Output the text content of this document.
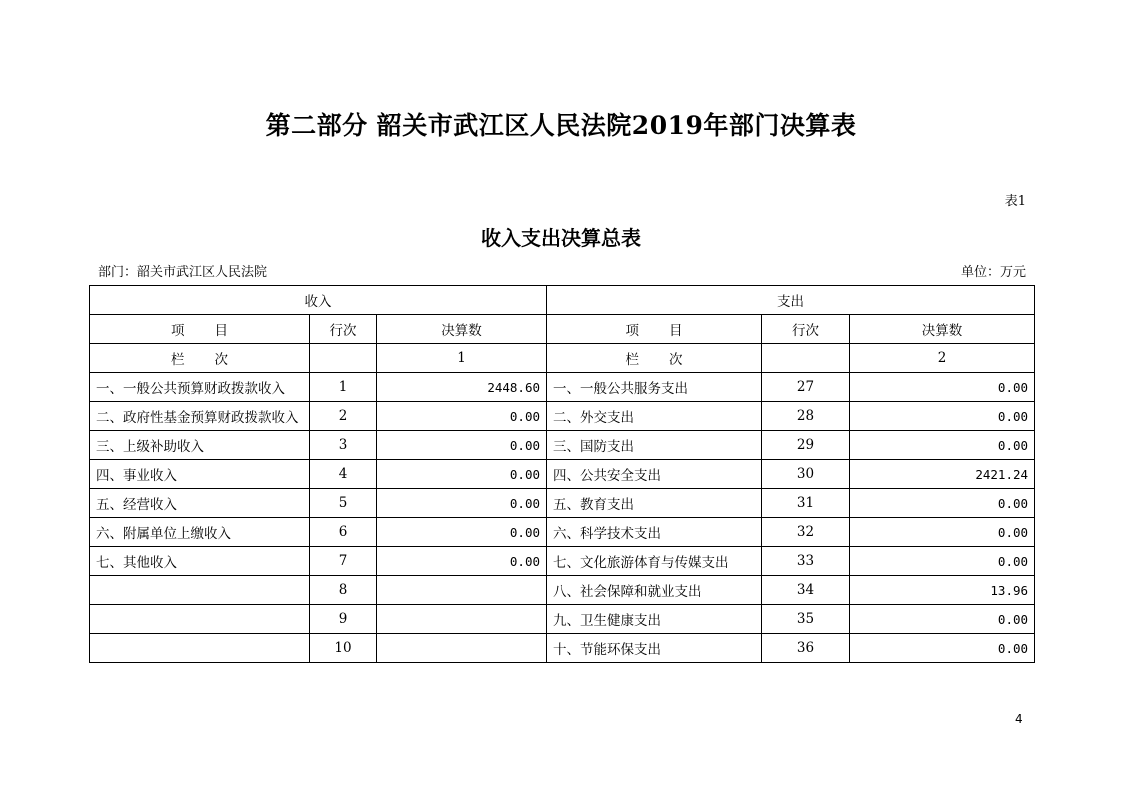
第二部分 韶关市武江区人民法院2019年部门决算表
表1
收入支出决算总表
部门：韶关市武江区人民法院	单位：万元
收入			支出		
项       目	行次	决算数	项       目	行次	决算数
栏       次		1	栏       次		2
一、一般公共预算财政拨款收入	1	2448.60	一、一般公共服务支出	27	0.00
二、政府性基金预算财政拨款收入	2	0.00	二、外交支出	28	0.00
三、上级补助收入	3	0.00	三、国防支出	29	0.00
四、事业收入	4	0.00	四、公共安全支出	30	2421.24
五、经营收入	5	0.00	五、教育支出	31	0.00
六、附属单位上缴收入	6	0.00	六、科学技术支出	32	0.00
七、其他收入	7	0.00	七、文化旅游体育与传媒支出	33	0.00
	8		八、社会保障和就业支出	34	13.96
	9		九、卫生健康支出	35	0.00
	10		十、节能环保支出	36	0.00
4
